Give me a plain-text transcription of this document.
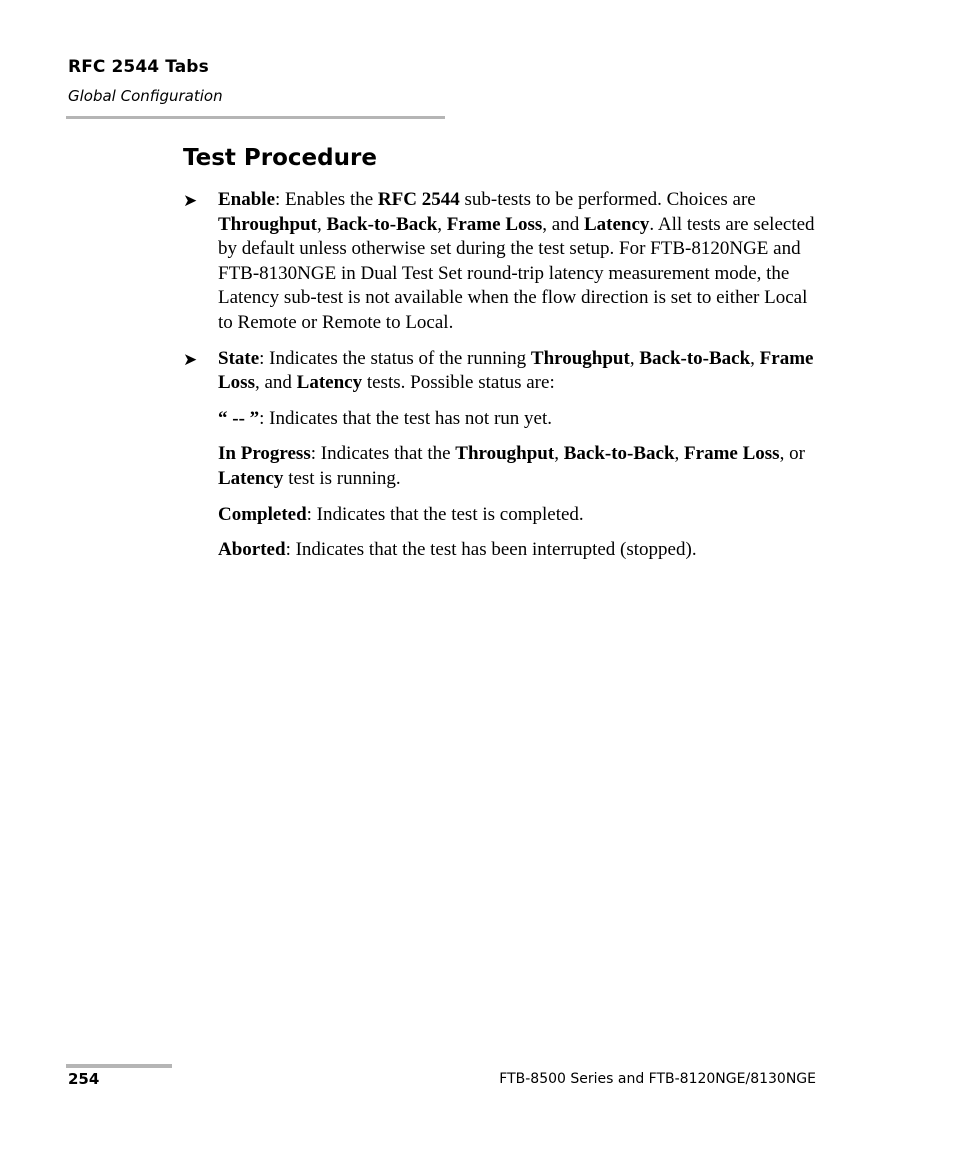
RFC 2544 Tabs
Global Configuration
Test Procedure

➤ Enable: Enables the RFC 2544 sub-tests to be performed. Choices are Throughput, Back-to-Back, Frame Loss, and Latency. All tests are selected by default unless otherwise set during the test setup. For FTB-8120NGE and FTB-8130NGE in Dual Test Set round-trip latency measurement mode, the Latency sub-test is not available when the flow direction is set to either Local to Remote or Remote to Local.

➤ State: Indicates the status of the running Throughput, Back-to-Back, Frame Loss, and Latency tests. Possible status are:

“ -- ”: Indicates that the test has not run yet.

In Progress: Indicates that the Throughput, Back-to-Back, Frame Loss, or Latency test is running.

Completed: Indicates that the test is completed.

Aborted: Indicates that the test has been interrupted (stopped).

254	FTB-8500 Series and FTB-8120NGE/8130NGE
